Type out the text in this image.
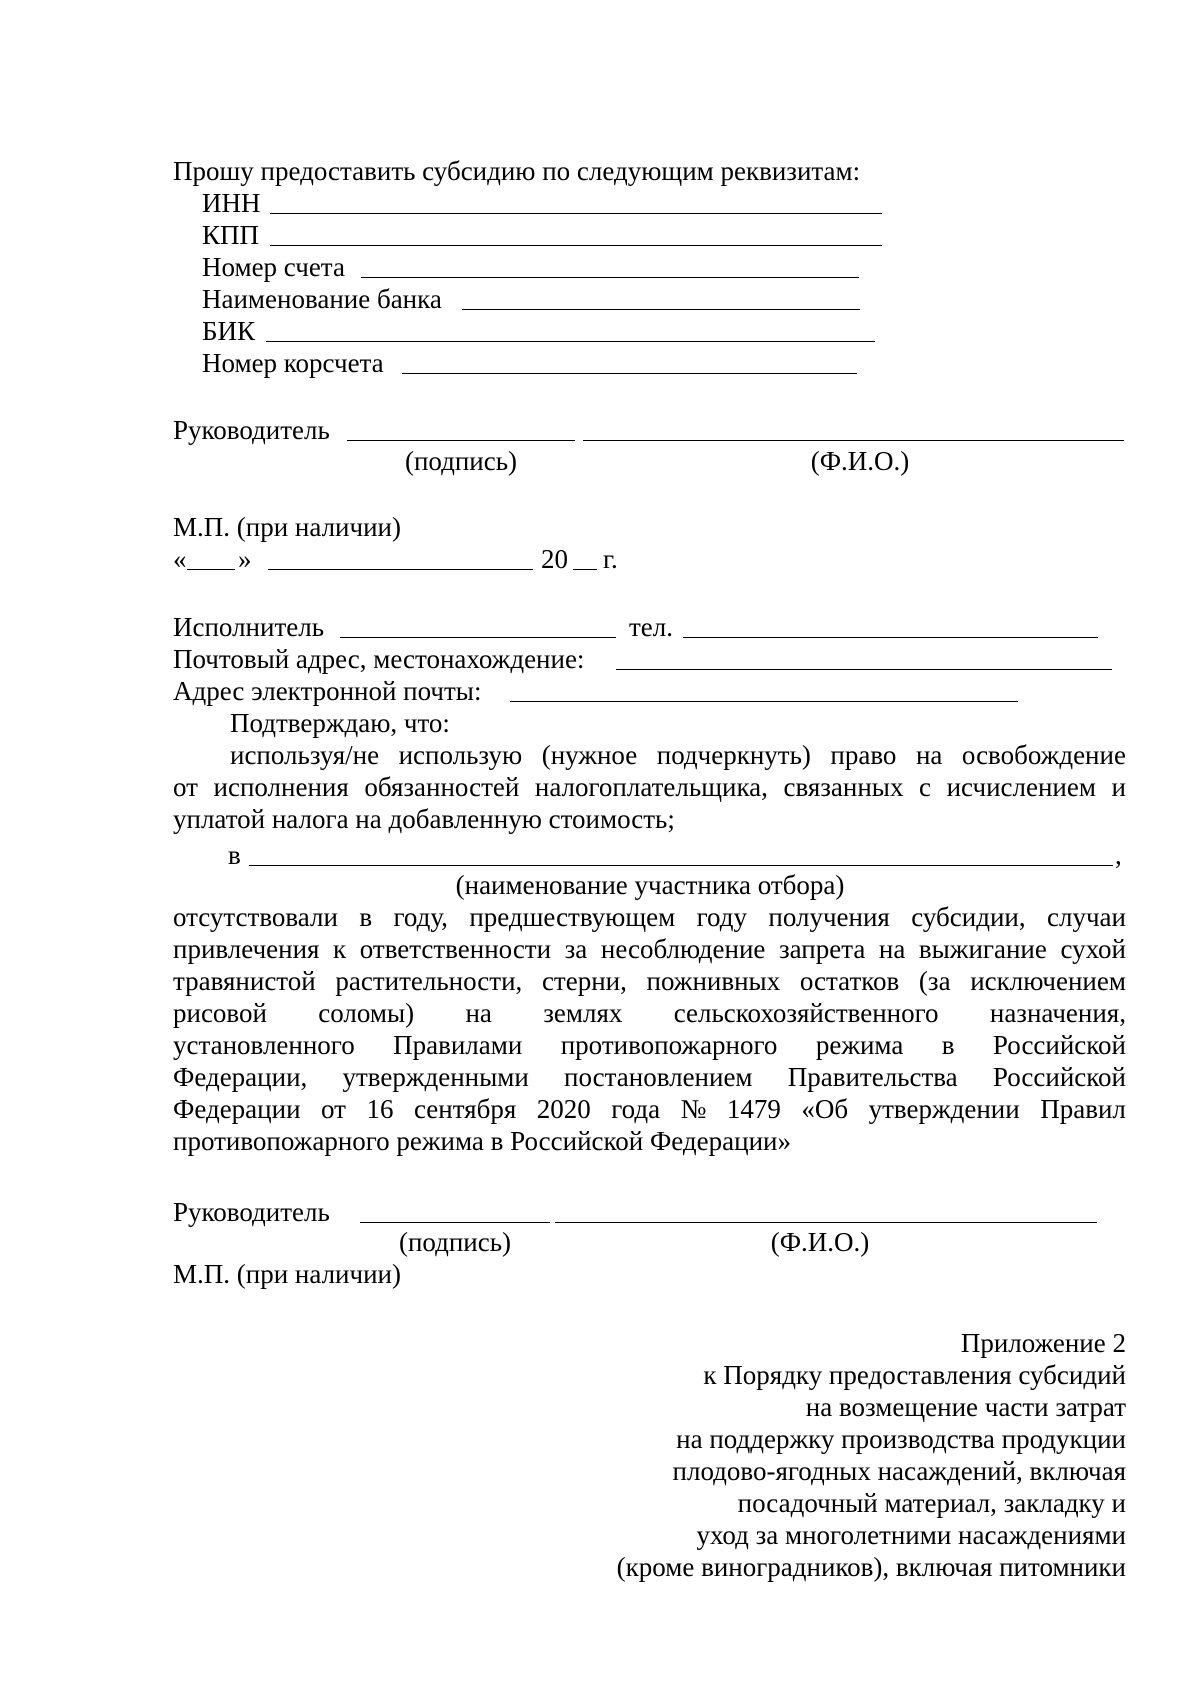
Прошу предоставить субсидию по следующим реквизитам:
ИНН
КПП
Номер счета
Наименование банка
БИК
Номер корсчета
Руководитель
(подпись)	(Ф.И.О.)
М.П. (при наличии)
« »	20 г.
Исполнитель	тел.
Почтовый адрес, местонахождение:
Адрес электронной почты:
Подтверждаю, что:
используя/не использую (нужное подчеркнуть) право на освобождение
от исполнения обязанностей налогоплательщика, связанных с исчислением и
уплатой налога на добавленную стоимость;
в	,
(наименование участника отбора)
отсутствовали в году, предшествующем году получения субсидии, случаи
привлечения к ответственности за несоблюдение запрета на выжигание сухой
травянистой растительности, стерни, пожнивных остатков (за исключением
рисовой соломы) на землях сельскохозяйственного назначения,
установленного Правилами противопожарного режима в Российской
Федерации, утвержденными постановлением Правительства Российской
Федерации от 16 сентября 2020 года № 1479 «Об утверждении Правил
противопожарного режима в Российской Федерации»
Руководитель
(подпись)	(Ф.И.О.)
М.П. (при наличии)
Приложение 2
к Порядку предоставления субсидий
на возмещение части затрат
на поддержку производства продукции
плодово-ягодных насаждений, включая
посадочный материал, закладку и
уход за многолетними насаждениями
(кроме виноградников), включая питомники
